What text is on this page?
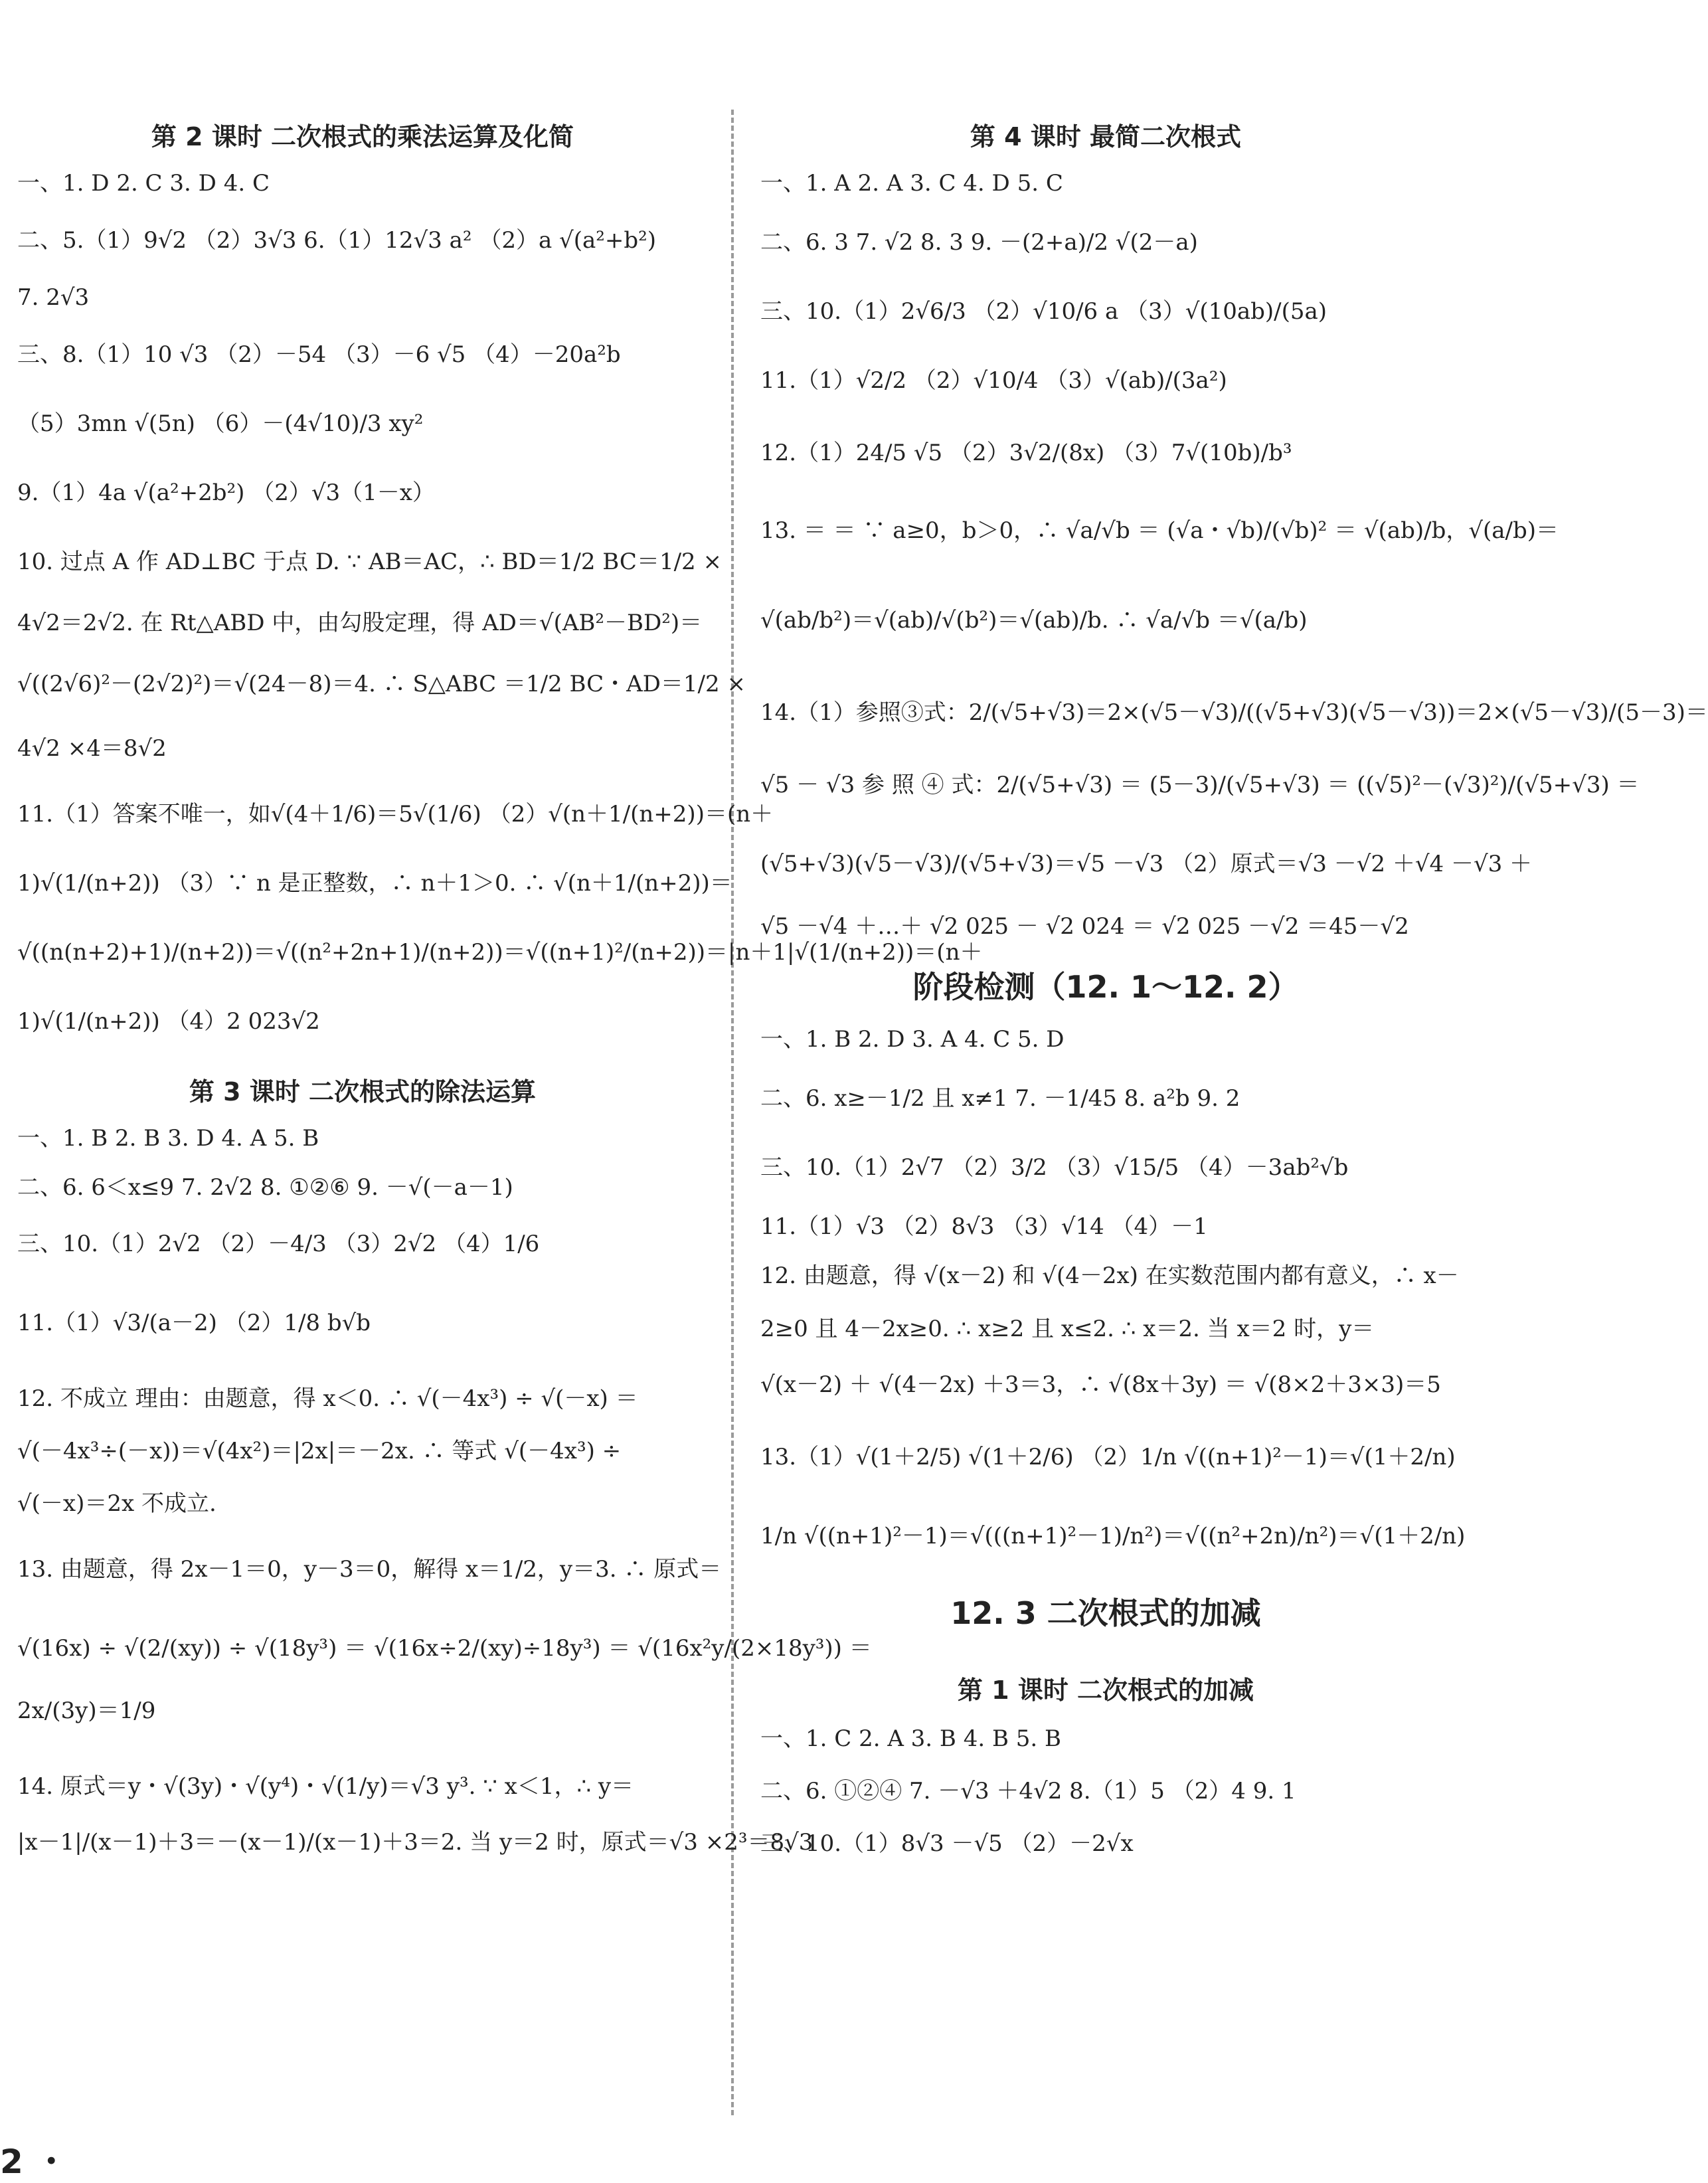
第 2 课时 二次根式的乘法运算及化简

一、1. D 2. C 3. D 4. C

二、5.（1）9√2 （2）3√3 6.（1）12√3 a² （2）a √(a²+b²)

7. 2√3

三、8.（1）10 √3 （2）－54 （3）－6 √5 （4）－20a²b

（5）3mn √(5n) （6）－(4√10)/3 xy²

9.（1）4a √(a²+2b²) （2）√3（1－x）

10. 过点 A 作 AD⊥BC 于点 D. ∵ AB＝AC，∴ BD＝1/2 BC＝1/2 ×

4√2＝2√2. 在 Rt△ABD 中，由勾股定理，得 AD＝√(AB²－BD²)＝

√((2√6)²－(2√2)²)＝√(24－8)＝4. ∴ S△ABC ＝1/2 BC・AD＝1/2 ×

4√2 ×4＝8√2

11.（1）答案不唯一，如√(4＋1/6)＝5√(1/6) （2）√(n＋1/(n+2))＝(n＋

1)√(1/(n+2)) （3）∵ n 是正整数，∴ n＋1＞0. ∴ √(n＋1/(n+2))＝

√((n(n+2)+1)/(n+2))＝√((n²+2n+1)/(n+2))＝√((n+1)²/(n+2))＝|n＋1|√(1/(n+2))＝(n＋

1)√(1/(n+2)) （4）2 023√2

第 3 课时 二次根式的除法运算

一、1. B 2. B 3. D 4. A 5. B

二、6. 6＜x≤9 7. 2√2 8. ①②⑥ 9. －√(－a－1)

三、10.（1）2√2 （2）－4/3 （3）2√2 （4）1/6

11.（1）√3/(a－2) （2）1/8 b√b

12. 不成立 理由：由题意，得 x＜0. ∴ √(－4x³) ÷ √(－x) ＝

√(－4x³÷(－x))＝√(4x²)＝|2x|＝－2x. ∴ 等式 √(－4x³) ÷

√(－x)＝2x 不成立.

13. 由题意，得 2x－1＝0，y－3＝0，解得 x＝1/2，y＝3. ∴ 原式＝

√(16x) ÷ √(2/(xy)) ÷ √(18y³) ＝ √(16x÷2/(xy)÷18y³) ＝ √(16x²y/(2×18y³)) ＝

2x/(3y)＝1/9

14. 原式＝y・√(3y)・√(y⁴)・√(1/y)＝√3 y³. ∵ x＜1，∴ y＝

|x－1|/(x－1)＋3＝－(x－1)/(x－1)＋3＝2. 当 y＝2 时，原式＝√3 ×2³＝8√3

第 4 课时 最简二次根式

一、1. A 2. A 3. C 4. D 5. C

二、6. 3 7. √2 8. 3 9. －(2+a)/2 √(2－a)

三、10.（1）2√6/3 （2）√10/6 a （3）√(10ab)/(5a)

11.（1）√2/2 （2）√10/4 （3）√(ab)/(3a²)

12.（1）24/5 √5 （2）3√2/(8x) （3）7√(10b)/b³

13. ＝ ＝ ∵ a≥0，b＞0，∴ √a/√b ＝ (√a・√b)/(√b)² ＝ √(ab)/b，√(a/b)＝

√(ab/b²)＝√(ab)/√(b²)＝√(ab)/b. ∴ √a/√b ＝√(a/b)

14.（1）参照③式：2/(√5+√3)＝2×(√5－√3)/((√5+√3)(√5－√3))＝2×(√5－√3)/(5－3)＝

√5 － √3 参 照 ④ 式：2/(√5+√3) ＝ (5－3)/(√5+√3) ＝ ((√5)²－(√3)²)/(√5+√3) ＝

(√5+√3)(√5－√3)/(√5+√3)＝√5 －√3 （2）原式＝√3 －√2 ＋√4 －√3 ＋

√5 －√4 ＋…＋ √2 025 － √2 024 ＝ √2 025 －√2 ＝45－√2

阶段检测（12. 1～12. 2）

一、1. B 2. D 3. A 4. C 5. D

二、6. x≥－1/2 且 x≠1 7. －1/45 8. a²b 9. 2

三、10.（1）2√7 （2）3/2 （3）√15/5 （4）－3ab²√b

11.（1）√3 （2）8√3 （3）√14 （4）－1

12. 由题意，得 √(x－2) 和 √(4－2x) 在实数范围内都有意义，∴ x－

2≥0 且 4－2x≥0. ∴ x≥2 且 x≤2. ∴ x＝2. 当 x＝2 时，y＝

√(x－2) ＋ √(4－2x) ＋3＝3，∴ √(8x＋3y) ＝ √(8×2＋3×3)＝5

13.（1）√(1＋2/5) √(1＋2/6) （2）1/n √((n+1)²－1)＝√(1＋2/n)

1/n √((n+1)²－1)＝√(((n+1)²－1)/n²)＝√((n²+2n)/n²)＝√(1＋2/n)

12. 3 二次根式的加减

第 1 课时 二次根式的加减

一、1. C 2. A 3. B 4. B 5. B

二、6. ①②④ 7. －√3 ＋4√2 8.（1）5 （2）4 9. 1

三、10.（1）8√3 －√5 （2）－2√x

2 ・
